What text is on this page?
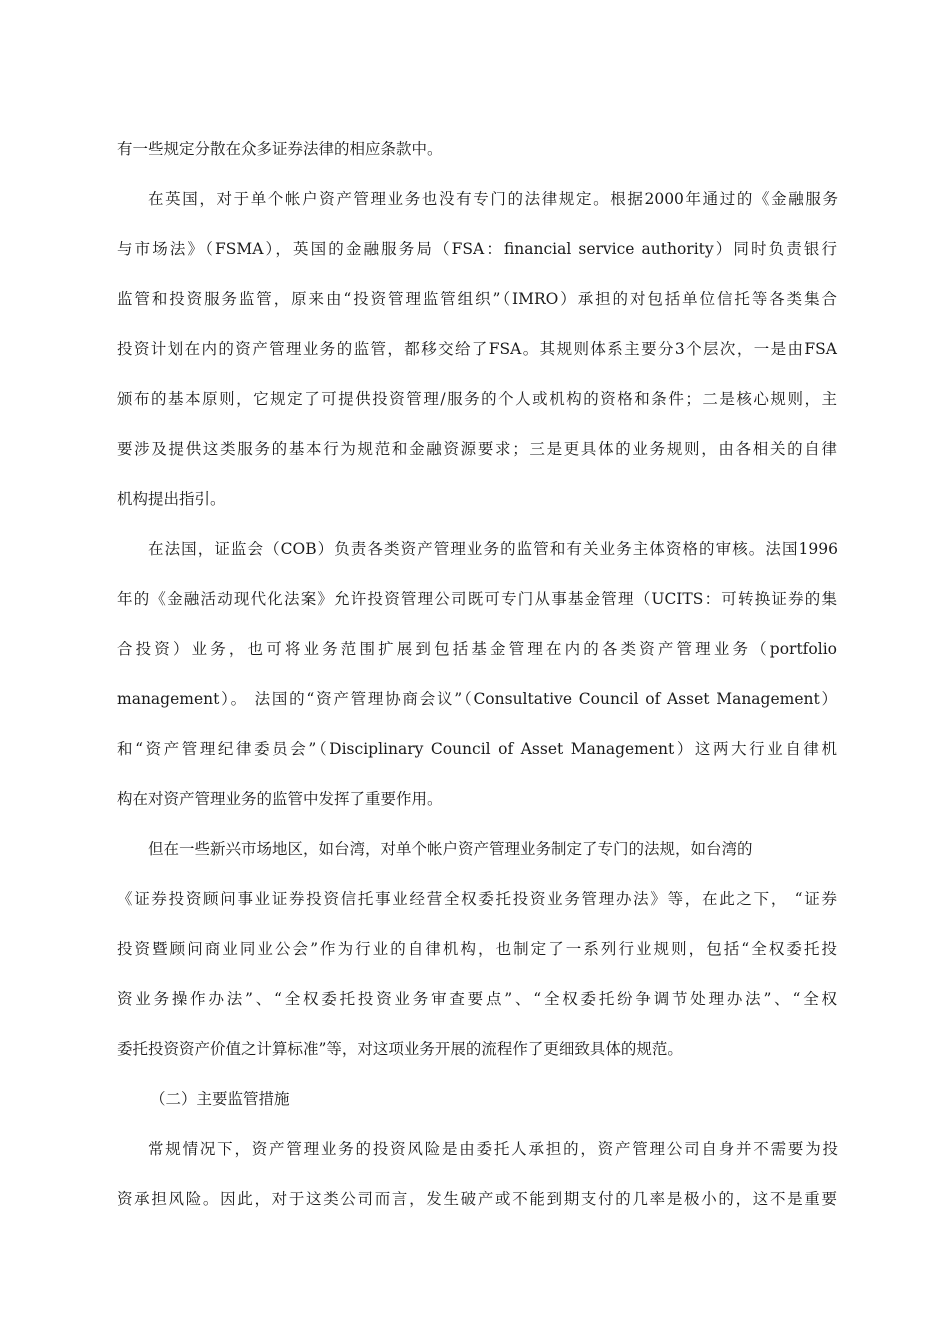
有一些规定分散在众多证券法律的相应条款中。
在英国，对于单个帐户资产管理业务也没有专门的法律规定。根据2000年通过的《金融服务
与市场法》（FSMA），英国的金融服务局（FSA：financial service authority）同时负责银行
监管和投资服务监管，原来由“投资管理监管组织”（IMRO）承担的对包括单位信托等各类集合
投资计划在内的资产管理业务的监管，都移交给了FSA。其规则体系主要分3个层次，一是由FSA
颁布的基本原则，它规定了可提供投资管理/服务的个人或机构的资格和条件；二是核心规则，主
要涉及提供这类服务的基本行为规范和金融资源要求；三是更具体的业务规则，由各相关的自律
机构提出指引。
在法国，证监会（COB）负责各类资产管理业务的监管和有关业务主体资格的审核。法国1996
年的《金融活动现代化法案》允许投资管理公司既可专门从事基金管理（UCITS：可转换证券的集
合投资）业务，也可将业务范围扩展到包括基金管理在内的各类资产管理业务（portfolio
management）。 法国的“资产管理协商会议”（Consultative Council of Asset Management）
和“资产管理纪律委员会”（Disciplinary Council of Asset Management）这两大行业自律机
构在对资产管理业务的监管中发挥了重要作用。
但在一些新兴市场地区，如台湾，对单个帐户资产管理业务制定了专门的法规，如台湾的
《证券投资顾问事业证券投资信托事业经营全权委托投资业务管理办法》等，在此之下， “证券
投资暨顾问商业同业公会”作为行业的自律机构，也制定了一系列行业规则，包括“全权委托投
资业务操作办法”、“全权委托投资业务审查要点”、“全权委托纷争调节处理办法”、“全权
委托投资资产价值之计算标准”等，对这项业务开展的流程作了更细致具体的规范。
（二）主要监管措施
常规情况下，资产管理业务的投资风险是由委托人承担的，资产管理公司自身并不需要为投
资承担风险。因此，对于这类公司而言，发生破产或不能到期支付的几率是极小的，这不是重要
